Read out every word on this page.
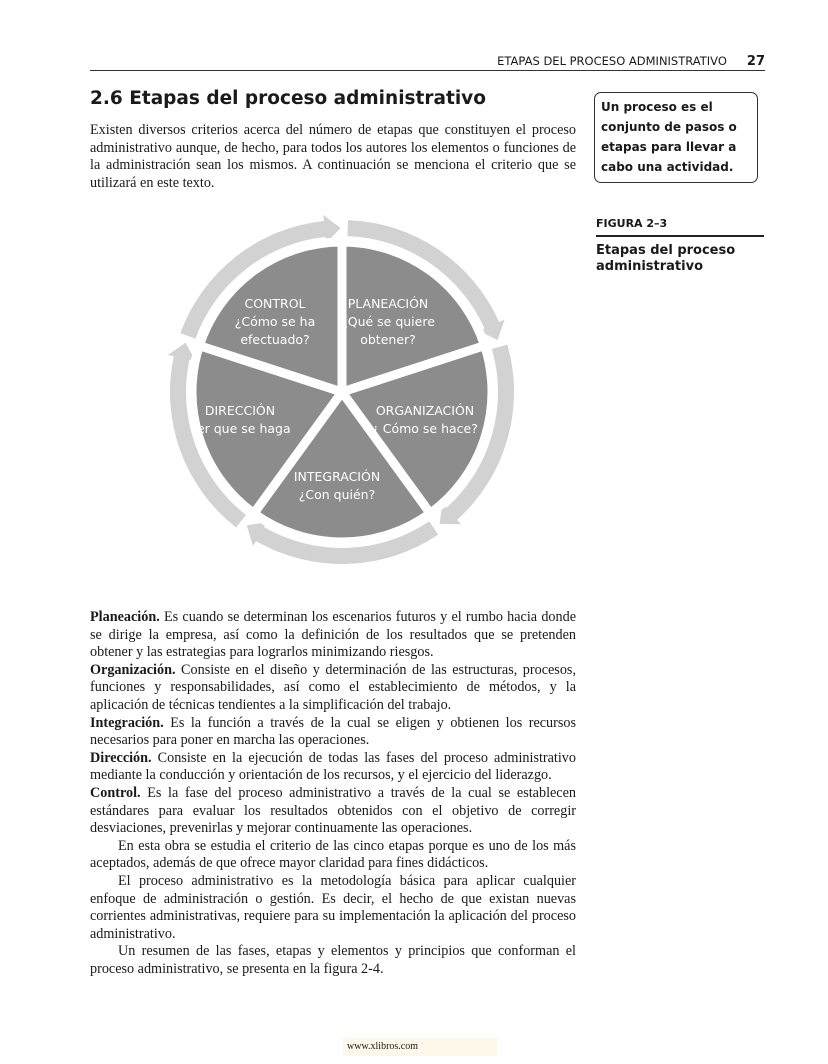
ETAPAS DEL PROCESO ADMINISTRATIVO 27
2.6 Etapas del proceso administrativo

Existen diversos criterios acerca del número de etapas que constituyen el proceso administrativo aunque, de hecho, para todos los autores los elementos o funciones de la administración sean los mismos. A continuación se menciona el criterio que se utilizará en este texto.

Un proceso es el conjunto de pasos o etapas para llevar a cabo una actividad.
FIGURA 2–3
Etapas del proceso administrativo
PLANEACIÓN
¿Qué se quiere
obtener?
ORGANIZACIÓN
¿ Cómo se hace?
INTEGRACIÓN
¿Con quién?
DIRECCIÓN
Ver que se haga
CONTROL
¿Cómo se ha
efectuado?

Planeación. Es cuando se determinan los escenarios futuros y el rumbo hacia donde se dirige la empresa, así como la definición de los resultados que se pretenden obtener y las estrategias para lograrlos minimizando riesgos.

Organización. Consiste en el diseño y determinación de las estructuras, procesos, funciones y responsabilidades, así como el establecimiento de métodos, y la aplicación de técnicas tendientes a la simplificación del trabajo.

Integración. Es la función a través de la cual se eligen y obtienen los recursos necesarios para poner en marcha las operaciones.

Dirección. Consiste en la ejecución de todas las fases del proceso administrativo mediante la conducción y orientación de los recursos, y el ejercicio del liderazgo.

Control. Es la fase del proceso administrativo a través de la cual se establecen estándares para evaluar los resultados obtenidos con el objetivo de corregir desviaciones, prevenirlas y mejorar continuamente las operaciones.

En esta obra se estudia el criterio de las cinco etapas porque es uno de los más aceptados, además de que ofrece mayor claridad para fines didácticos.

El proceso administrativo es la metodología básica para aplicar cualquier enfoque de administración o gestión. Es decir, el hecho de que existan nuevas corrientes administrativas, requiere para su implementación la aplicación del proceso administrativo.

Un resumen de las fases, etapas y elementos y principios que conforman el proceso administrativo, se presenta en la figura 2-4.

www.xlibros.com
